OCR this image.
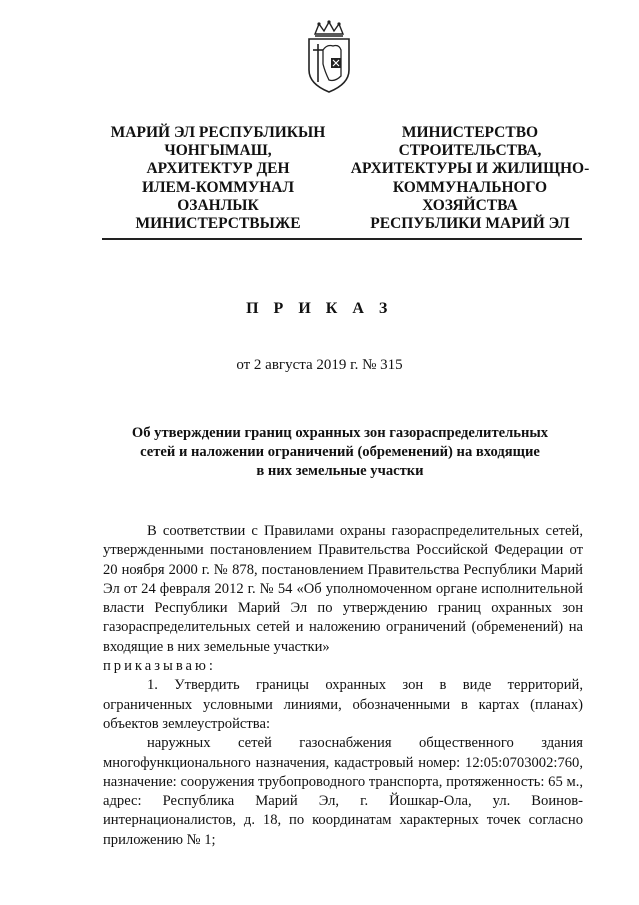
МАРИЙ ЭЛ РЕСПУБЛИКЫН
ЧОНГЫМАШ,
АРХИТЕКТУР ДЕН
ИЛЕМ-КОММУНАЛ
ОЗАНЛЫК
МИНИСТЕРСТВЫЖЕ
МИНИСТЕРСТВО
СТРОИТЕЛЬСТВА,
АРХИТЕКТУРЫ И ЖИЛИЩНО-
КОММУНАЛЬНОГО
ХОЗЯЙСТВА
РЕСПУБЛИКИ МАРИЙ ЭЛ
П Р И К А З
от 2 августа 2019 г. № 315
Об утверждении границ охранных зон газораспределительных
сетей и наложении ограничений (обременений) на входящие
в них земельные участки

В соответствии с Правилами охраны газораспределительных сетей, утвержденными постановлением Правительства Российской Федерации от 20 ноября 2000 г. № 878, постановлением Правительства Республики Марий Эл от 24 февраля 2012 г. № 54 «Об уполномоченном органе исполнительной власти Республики Марий Эл по утверждению границ охранных зон газораспределительных сетей и наложению ограничений (обременений) на входящие в них земельные участки»

приказываю:

1. Утвердить границы охранных зон в виде территорий, ограниченных условными линиями, обозначенными в картах (планах) объектов землеустройства:

наружных сетей газоснабжения общественного здания многофункционального назначения, кадастровый номер: 12:05:0703002:760, назначение: сооружения трубопроводного транспорта, протяженность: 65 м., адрес: Республика Марий Эл, г. Йошкар-Ола, ул. Воинов-интернационалистов, д. 18, по координатам характерных точек согласно приложению № 1;
